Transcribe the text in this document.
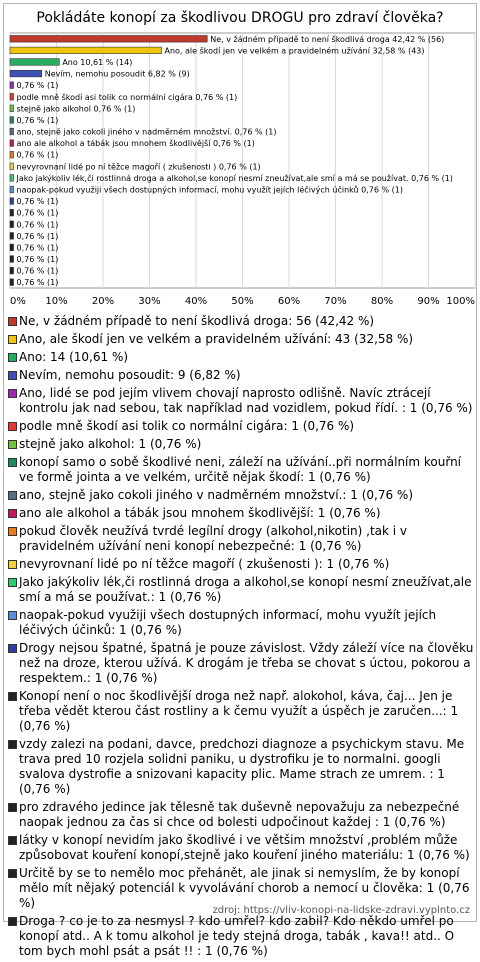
Pokládáte konopí za škodlivou DROGU pro zdraví člověka?
0% 10% 20% 30% 40% 50% 60% 70% 80% 90% 100%
Ne, v žádném případě to není škodlivá droga 42,42 % (56)
Ano, ale škodí jen ve velkém a pravidelném užívání 32,58 % (43)
Ano 10,61 % (14)
Nevím, nemohu posoudit 6,82 % (9)
0,76 % (1)
podle mně škodí asi tolik co normální cigára 0,76 % (1)
stejně jako alkohol 0,76 % (1)
0,76 % (1)
ano, stejně jako cokoli jiného v nadměrném množství. 0,76 % (1)
ano ale alkohol a tábák jsou mnohem škodlivější 0,76 % (1)
0,76 % (1)
nevyrovnaní lidé po ní těžce magoří ( zkušenosti ) 0,76 % (1)
Jako jakýkoliv lék,či rostlinná droga a alkohol,se konopí nesmí zneužívat,ale smí a má se používat. 0,76 % (1)
naopak-pokud využiji všech dostupných informací, mohu využít jejích léčivých účinků 0,76 % (1)
0,76 % (1)
0,76 % (1)
0,76 % (1)
0,76 % (1)
0,76 % (1)
0,76 % (1)
0,76 % (1)
0,76 % (1)
Ne, v žádném případě to není škodlivá droga: 56 (42,42 %)
Ano, ale škodí jen ve velkém a pravidelném užívání: 43 (32,58 %)
Ano: 14 (10,61 %)
Nevím, nemohu posoudit: 9 (6,82 %)
Ano, lidé se pod jejím vlivem chovají naprosto odlišně. Navíc ztrácejí kontrolu jak nad sebou, tak například nad vozidlem, pokud řídí. : 1 (0,76 %)
podle mně škodí asi tolik co normální cigára: 1 (0,76 %)
stejně jako alkohol: 1 (0,76 %)
konopí samo o sobě škodlivé neni, záleží na užívání..při normálním kouřní ve formě jointa a ve velkém, určitě nějak škodí: 1 (0,76 %)
ano, stejně jako cokoli jiného v nadměrném množství.: 1 (0,76 %)
ano ale alkohol a tábák jsou mnohem škodlivější: 1 (0,76 %)
pokud člověk neužívá tvrdé legílní drogy (alkohol,nikotin) ,tak i v pravidelném užívání neni konopí nebezpečné: 1 (0,76 %)
nevyrovnaní lidé po ní těžce magoří ( zkušenosti ): 1 (0,76 %)
Jako jakýkoliv lék,či rostlinná droga a alkohol,se konopí nesmí zneužívat,ale smí a má se používat.: 1 (0,76 %)
naopak-pokud využiji všech dostupných informací, mohu využít jejích léčivých účinků: 1 (0,76 %)
Drogy nejsou špatné, špatná je pouze závislost. Vždy záleží více na člověku než na droze, kterou užívá. K drogám je třeba se chovat s úctou, pokorou a respektem.: 1 (0,76 %)
Konopí není o noc škodlivější droga než např. alokohol, káva, čaj... Jen je třeba vědět kterou část rostliny a k čemu využít a úspěch je zaručen...: 1 (0,76 %)
vzdy zalezi na podani, davce, predchozi diagnoze a psychickym stavu. Me trava pred 10 rozjela solidni paniku, u dystrofiku je to normalni. googli svalova dystrofie a snizovani kapacity plic. Mame strach ze umrem. : 1 (0,76 %)
pro zdravého jedince jak tělesně tak duševně nepovažuju za nebezpečné naopak jednou za čas si chce od bolesti udpočinout každej : 1 (0,76 %)
látky v konopí nevidím jako škodlivé i ve většim množství ,problém může způsobovat kouření konopí,stejně jako kouření jiného materiálu: 1 (0,76 %)
Určitě by se to nemělo moc přehánět, ale jinak si nemyslím, že by konopí mělo mít nějaký potenciál k vyvolávání chorob a nemocí u člověka: 1 (0,76 %)
Droga ? co je to za nesmysl ? kdo umřel? kdo zabil? Kdo někdo umřel po konopí atd.. A k tomu alkohol je tedy stejná droga, tabák , kava!! atd.. O tom bych mohl psát a psát !! : 1 (0,76 %)
zdroj: https://vliv-konopi-na-lidske-zdravi.vyplnto.cz
